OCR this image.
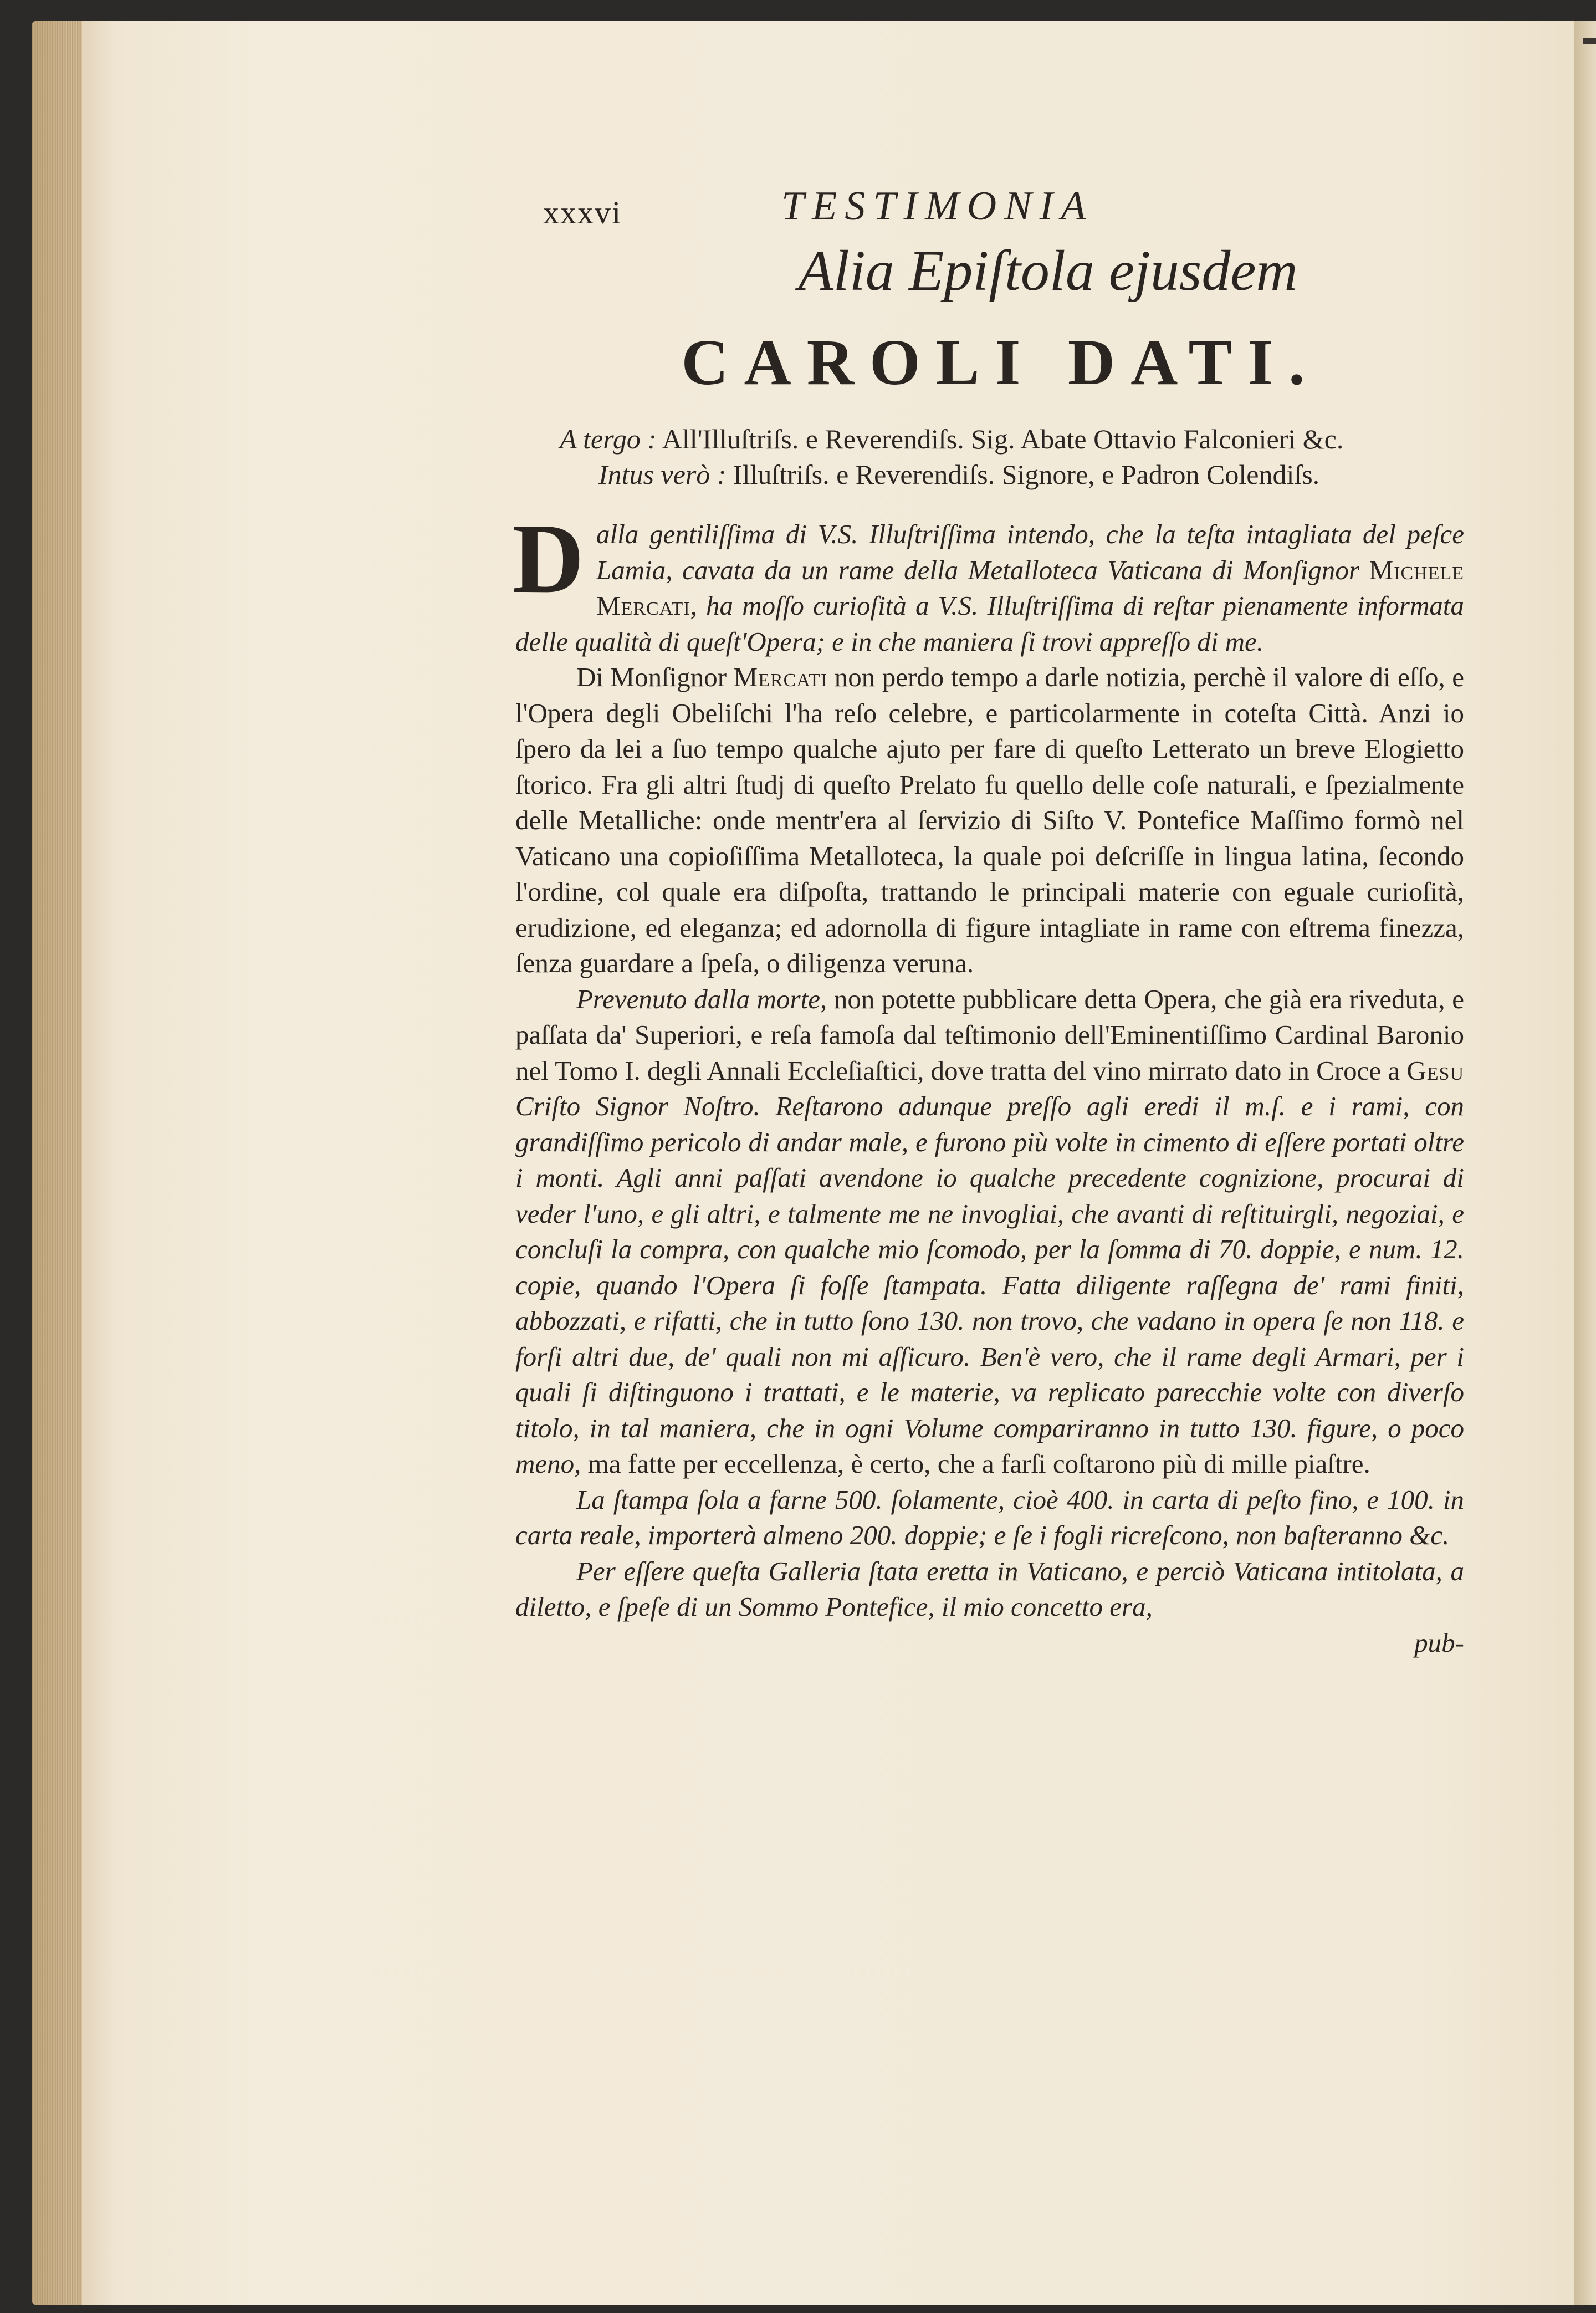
xxxvi	TESTIMONIA
Alia Epiſtola ejusdem
CAROLI DATI.
A tergo : All'Illuſtriſs. e Reverendiſs. Sig. Abate Ottavio Falconieri &c.
Intus verò : Illuſtriſs. e Reverendiſs. Signore, e Padron Colendiſs.

Dalla gentiliſſima di V.S. Illuſtriſſima intendo, che la teſta intagliata del peſce Lamia, cavata da un rame della Metalloteca Vaticana di Monſignor Michele Mercati, ha moſſo curioſità a V.S. Illuſtriſſima di reſtar pienamente informata delle qualità di queſt'Opera; e in che maniera ſi trovi appreſſo di me.

Di Monſignor Mercati non perdo tempo a darle notizia, perchè il valore di eſſo, e l'Opera degli Obeliſchi l'ha reſo celebre, e particolarmente in coteſta Città. Anzi io ſpero da lei a ſuo tempo qualche ajuto per fare di queſto Letterato un breve Elogietto ſtorico. Fra gli altri ſtudj di queſto Prelato fu quello delle coſe naturali, e ſpezialmente delle Metalliche: onde mentr'era al ſervizio di Siſto V. Pontefice Maſſimo formò nel Vaticano una copioſiſſima Metalloteca, la quale poi deſcriſſe in lingua latina, ſecondo l'ordine, col quale era diſpoſta, trattando le principali materie con eguale curioſità, erudizione, ed eleganza; ed adornolla di figure intagliate in rame con eſtrema finezza, ſenza guardare a ſpeſa, o diligenza veruna.

Prevenuto dalla morte, non potette pubblicare detta Opera, che già era riveduta, e paſſata da' Superiori, e reſa famoſa dal teſtimonio dell'Eminentiſſimo Cardinal Baronio nel Tomo I. degli Annali Eccleſiaſtici, dove tratta del vino mirrato dato in Croce a Gesu Criſto Signor Noſtro. Reſtarono adunque preſſo agli eredi il m.ſ. e i rami, con grandiſſimo pericolo di andar male, e furono più volte in cimento di eſſere portati oltre i monti. Agli anni paſſati avendone io qualche precedente cognizione, procurai di veder l'uno, e gli altri, e talmente me ne invogliai, che avanti di reſtituirgli, negoziai, e concluſi la compra, con qualche mio ſcomodo, per la ſomma di 70. doppie, e num. 12. copie, quando l'Opera ſi foſſe ſtampata. Fatta diligente raſſegna de' rami finiti, abbozzati, e rifatti, che in tutto ſono 130. non trovo, che vadano in opera ſe non 118. e forſi altri due, de' quali non mi aſſicuro. Ben'è vero, che il rame degli Armari, per i quali ſi diſtinguono i trattati, e le materie, va replicato parecchie volte con diverſo titolo, in tal maniera, che in ogni Volume compariranno in tutto 130. figure, o poco meno, ma fatte per eccellenza, è certo, che a farſi coſtarono più di mille piaſtre.

La ſtampa ſola a farne 500. ſolamente, cioè 400. in carta di peſto fino, e 100. in carta reale, importerà almeno 200. doppie; e ſe i fogli ricreſcono, non baſteranno &c.

Per eſſere queſta Galleria ſtata eretta in Vaticano, e perciò Vaticana intitolata, a diletto, e ſpeſe di un Sommo Pontefice, il mio concetto era,

pub-
